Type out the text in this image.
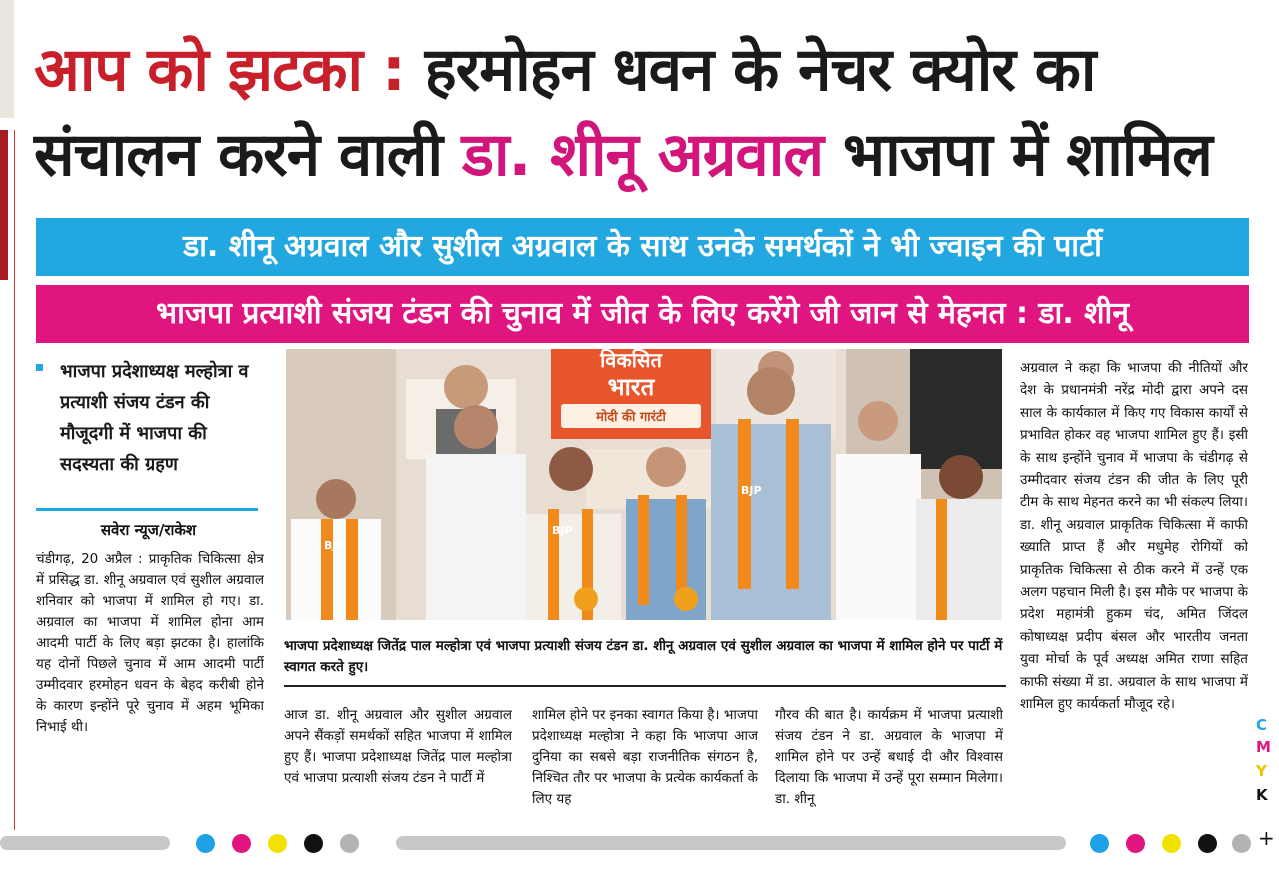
आप को झटका : हरमोहन धवन के नेचर क्योर का
संचालन करने वाली डा. शीनू अग्रवाल भाजपा में शामिल
डा. शीनू अग्रवाल और सुशील अग्रवाल के साथ उनके समर्थकों ने भी ज्वाइन की पार्टी
भाजपा प्रत्याशी संजय टंडन की चुनाव में जीत के लिए करेंगे जी जान से मेहनत : डा. शीनू
भाजपा प्रदेशाध्यक्ष मल्होत्रा व प्रत्याशी संजय टंडन की मौजूदगी में भाजपा की सदस्यता की ग्रहण
सवेरा न्यूज/राकेश
चंडीगढ़, 20 अप्रैल : प्राकृतिक चिकित्सा क्षेत्र में प्रसिद्ध डा. शीनू अग्रवाल एवं सुशील अग्रवाल शनिवार को भाजपा में शामिल हो गए। डा. अग्रवाल का भाजपा में शामिल होना आम आदमी पार्टी के लिए बड़ा झटका है। हालांकि यह दोनों पिछले चुनाव में आम आदमी पार्टी उम्मीदवार हरमोहन धवन के बेहद करीबी होने के कारण इन्होंने पूरे चुनाव में अहम भूमिका निभाई थी।
विकसित
भारत
मोदी की गारंटी
BJP
BJP
BJP
भाजपा प्रदेशाध्यक्ष जितेंद्र पाल मल्होत्रा एवं भाजपा प्रत्याशी संजय टंडन डा. शीनू अग्रवाल एवं सुशील अग्रवाल का भाजपा में शामिल होने पर पार्टी में स्वागत करते हुए।
आज डा. शीनू अग्रवाल और सुशील अग्रवाल अपने सैंकड़ों समर्थकों सहित भाजपा में शामिल हुए हैं। भाजपा प्रदेशाध्यक्ष जितेंद्र पाल मल्होत्रा एवं भाजपा प्रत्याशी संजय टंडन ने पार्टी में
शामिल होने पर इनका स्वागत किया है। भाजपा प्रदेशाध्यक्ष मल्होत्रा ने कहा कि भाजपा आज दुनिया का सबसे बड़ा राजनीतिक संगठन है, निश्चित तौर पर भाजपा के प्रत्येक कार्यकर्ता के लिए यह
गौरव की बात है। कार्यक्रम में भाजपा प्रत्याशी संजय टंडन ने डा. अग्रवाल के भाजपा में शामिल होने पर उन्हें बधाई दी और विश्वास दिलाया कि भाजपा में उन्हें पूरा सम्मान मिलेगा। डा. शीनू
अग्रवाल ने कहा कि भाजपा की नीतियों और देश के प्रधानमंत्री नरेंद्र मोदी द्वारा अपने दस साल के कार्यकाल में किए गए विकास कार्यों से प्रभावित होकर वह भाजपा शामिल हुए हैं। इसी के साथ इन्होंने चुनाव में भाजपा के चंडीगढ़ से उम्मीदवार संजय टंडन की जीत के लिए पूरी टीम के साथ मेहनत करने का भी संकल्प लिया। डा. शीनू अग्रवाल प्राकृतिक चिकित्सा में काफी ख्याति प्राप्त हैं और मधुमेह रोगियों को प्राकृतिक चिकित्सा से ठीक करने में उन्हें एक अलग पहचान मिली है। इस मौके पर भाजपा के प्रदेश महामंत्री हुकम चंद, अमित जिंदल कोषाध्यक्ष प्रदीप बंसल और भारतीय जनता युवा मोर्चा के पूर्व अध्यक्ष अमित राणा सहित काफी संख्या में डा. अग्रवाल के साथ भाजपा में शामिल हुए कार्यकर्ता मौजूद रहे।
C
M
Y
K
+
